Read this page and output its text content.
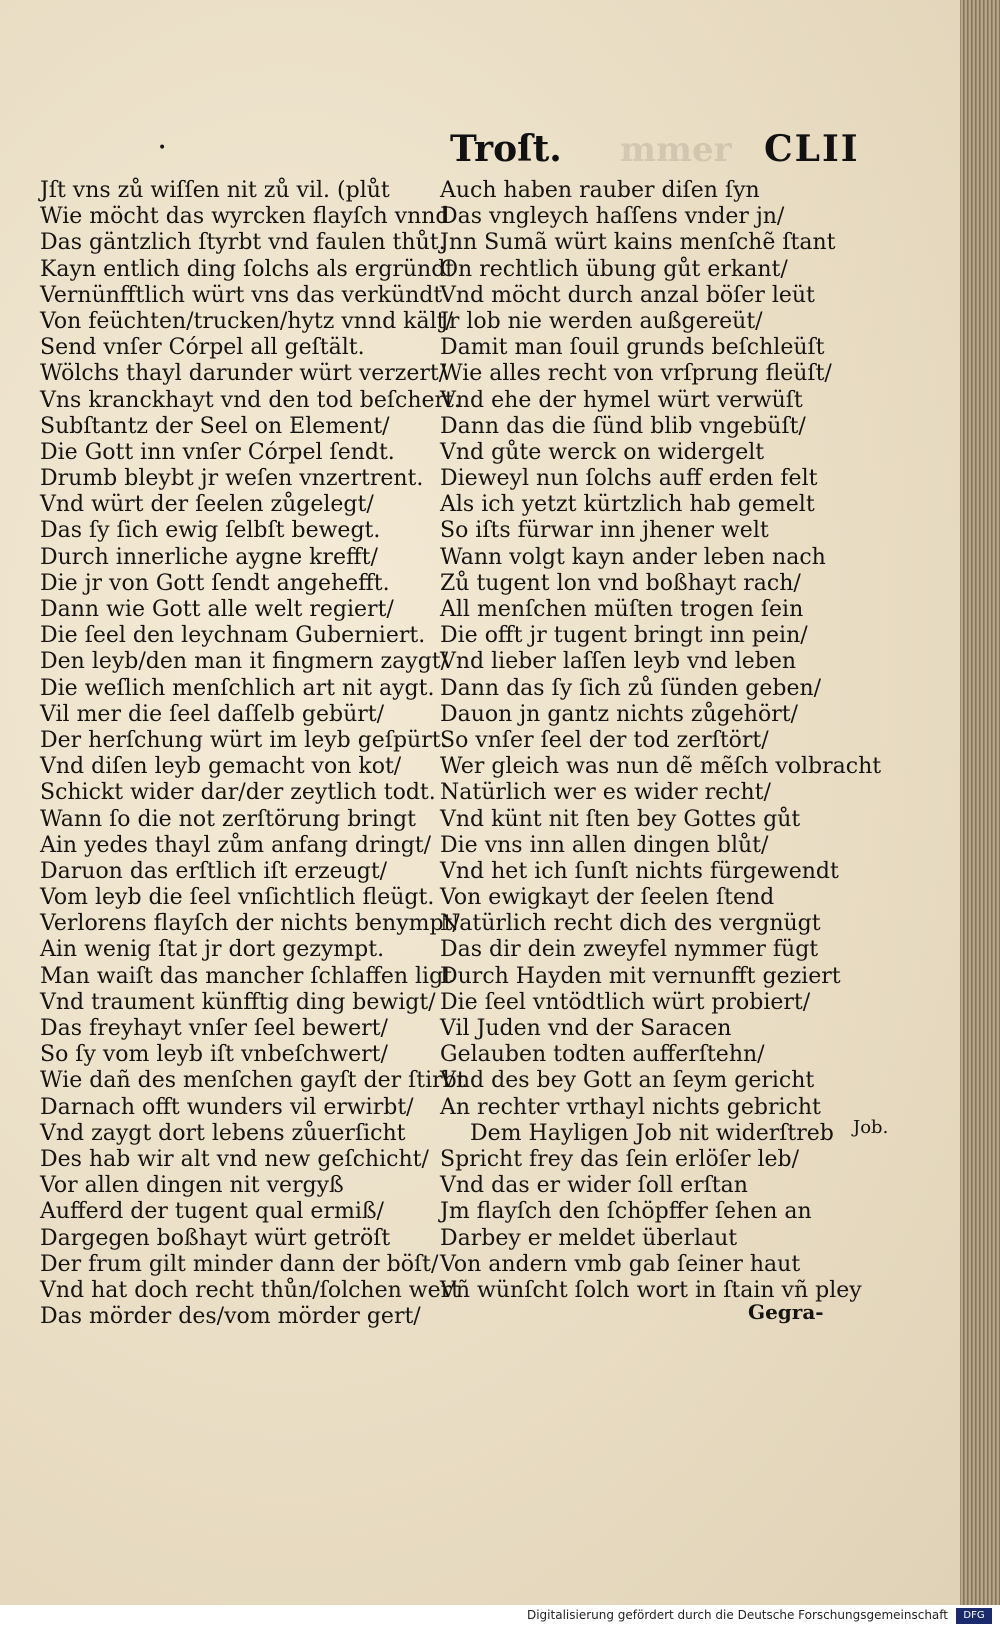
mmer
•	Troſt.	CLII
Jſt vns zů wiſſen nit zů vil. (plůt
Wie möcht das wyrcken flayſch vnnd
Das gäntzlich ſtyrbt vnd faulen thůt.
Kayn entlich ding ſolchs als ergründt
Vernünfftlich würt vns das verkündt
Von feüchten/trucken/hytz vnnd kält/
Send vnſer Córpel all geſtält.
Wölchs thayl darunder würt verzert/
Vns kranckhayt vnd den tod beſchert.
Subſtantz der Seel on Element/
Die Gott inn vnſer Córpel ſendt.
Drumb bleybt jr weſen vnzertrent.
Vnd würt der ſeelen zůgelegt/
Das ſy ſich ewig ſelbſt bewegt.
Durch innerliche aygne krefft/
Die jr von Gott ſendt angehefft.
Dann wie Gott alle welt regiert/
Die ſeel den leychnam Guberniert.
Den leyb/den man it fingmern zaygt/
Die weſlich menſchlich art nit aygt.
Vil mer die ſeel daſſelb gebürt/
Der herſchung würt im leyb geſpürt.
Vnd diſen leyb gemacht von kot/
Schickt wider dar/der zeytlich todt.
Wann ſo die not zerſtörung bringt
Ain yedes thayl zům anfang dringt/
Daruon das erſtlich iſt erzeugt/
Vom leyb die ſeel vnſichtlich fleügt.
Verlorens flayſch der nichts benympt/
Ain wenig ſtat jr dort gezympt.
Man waiſt das mancher ſchlaffen ligt
Vnd traument künfftig ding bewigt/
Das freyhayt vnſer ſeel bewert/
So ſy vom leyb iſt vnbeſchwert/
Wie dañ des menſchen gayſt der ſtirbt
Darnach offt wunders vil erwirbt/
Vnd zaygt dort lebens zůuerſicht
Des hab wir alt vnd new geſchicht/
Vor allen dingen nit vergyß
Aufferd der tugent qual ermiß/
Dargegen boßhayt würt getröſt
Der frum gilt minder dann der böſt/
Vnd hat doch recht thůn/ſolchen wert
Das mörder des/vom mörder gert/
Auch haben rauber diſen ſyn
Das vngleych haſſens vnder jn/
Jnn Sumã würt kains menſchẽ ſtant
On rechtlich übung gůt erkant/
Vnd möcht durch anzal böſer leüt
Jr lob nie werden außgereüt/
Damit man ſouil grunds beſchleüſt
Wie alles recht von vrſprung fleüſt/
Vnd ehe der hymel würt verwüſt
Dann das die ſünd blib vngebüſt/
Vnd gůte werck on widergelt
Dieweyl nun ſolchs auff erden felt
Als ich yetzt kürtzlich hab gemelt
So iſts fürwar inn jhener welt
Wann volgt kayn ander leben nach
Zů tugent lon vnd boßhayt rach/
All menſchen müſten trogen ſein
Die offt jr tugent bringt inn pein/
Vnd lieber laſſen leyb vnd leben
Dann das ſy ſich zů ſünden geben/
Dauon jn gantz nichts zůgehört/
So vnſer ſeel der tod zerſtört/
Wer gleich was nun dẽ mẽſch volbracht
Natürlich wer es wider recht/
Vnd künt nit ſten bey Gottes gůt
Die vns inn allen dingen blůt/
Vnd het ich ſunſt nichts fürgewendt
Von ewigkayt der ſeelen ſtend
Natürlich recht dich des vergnügt
Das dir dein zweyfel nymmer fügt
Durch Hayden mit vernunfft geziert
Die ſeel vntödtlich würt probiert/
Vil Juden vnd der Saracen
Gelauben todten aufferſtehn/
Vnd des bey Gott an ſeym gericht
An rechter vrthayl nichts gebricht
Dem Hayligen Job nit widerſtreb
Spricht frey das ſein erlöſer leb/
Vnd das er wider ſoll erſtan
Jm flayſch den ſchöpffer ſehen an
Darbey er meldet überlaut
Von andern vmb gab ſeiner haut
Vñ wünſcht ſolch wort in ſtain vñ pley
Job.
Gegra-
Digitalisierung gefördert durch die Deutsche Forschungsgemeinschaft	DFG
